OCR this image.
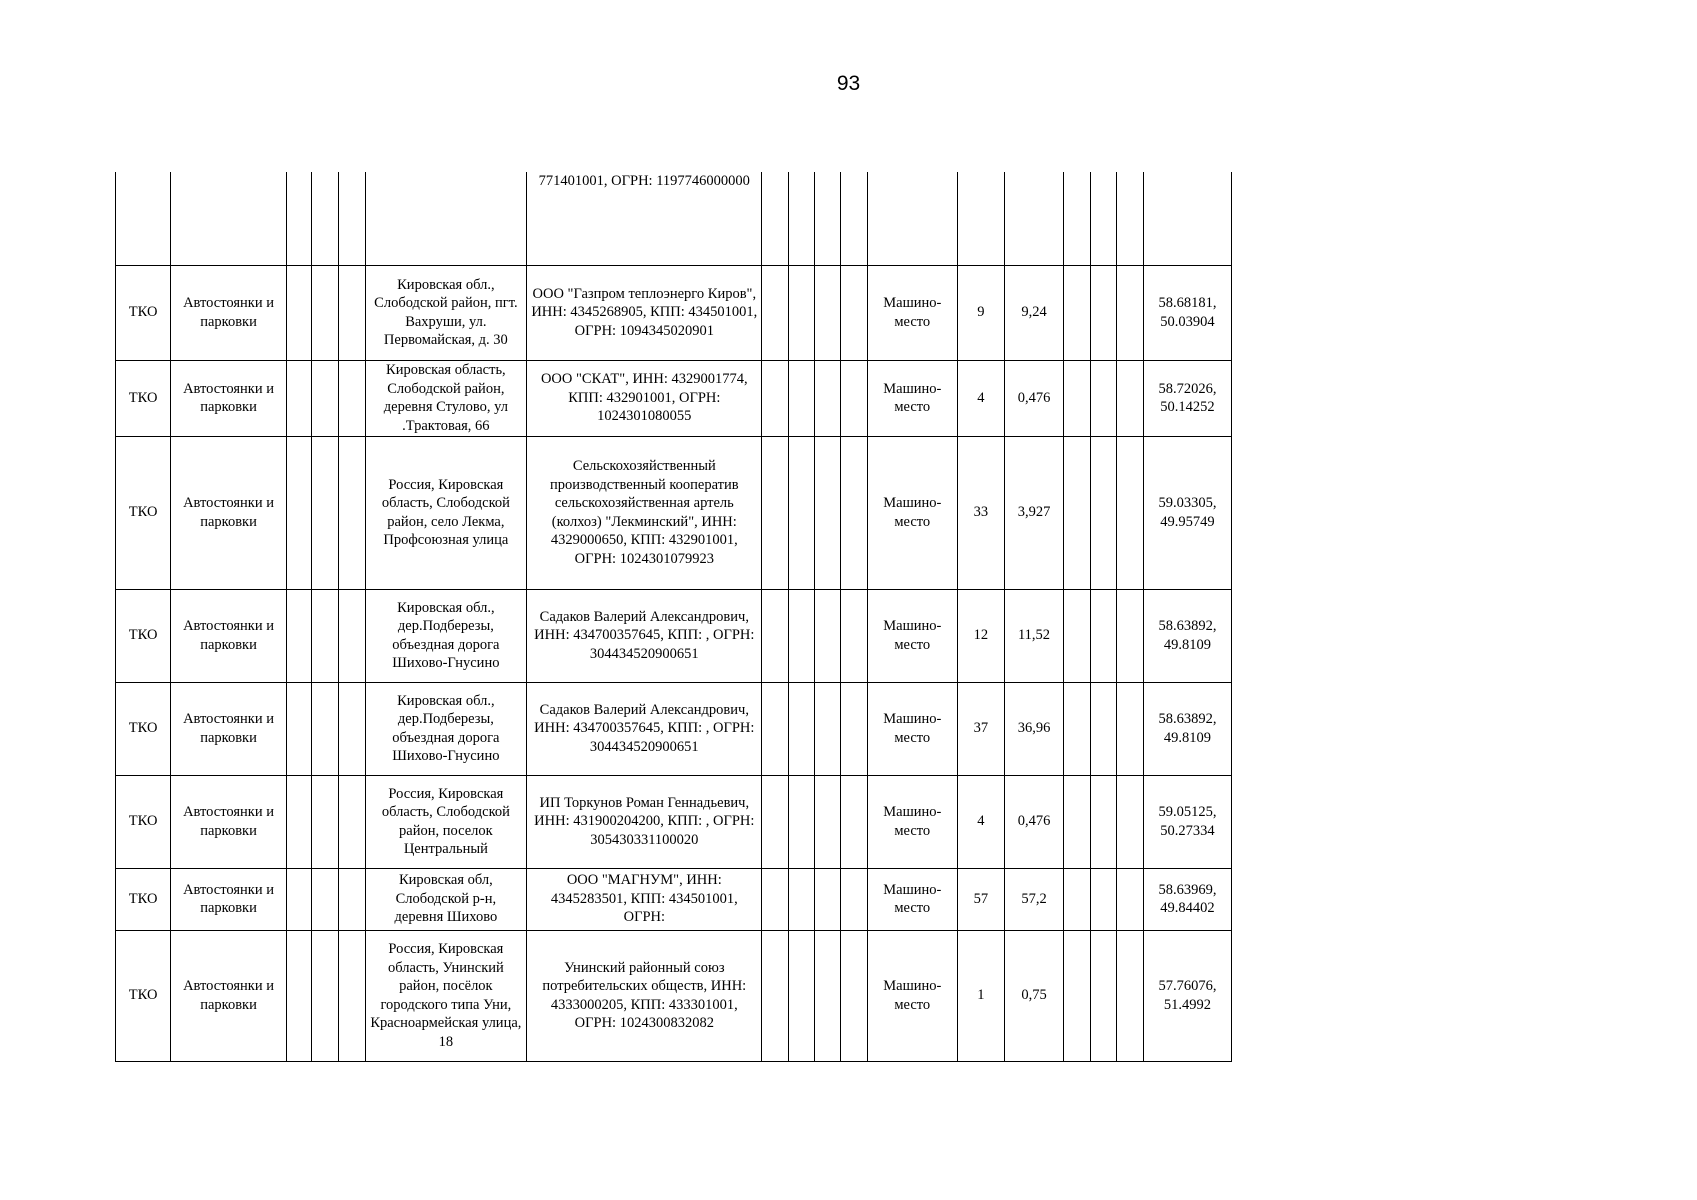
93
						771401001, ОГРН: 1197746000000											
ТКО	Автостоянки и парковки				Кировская обл., Слободской район, пгт. Вахруши, ул. Первомайская, д. 30	ООО "Газпром теплоэнерго Киров", ИНН: 4345268905, КПП: 434501001, ОГРН: 1094345020901					Машино-место	9	9,24				58.68181, 50.03904
ТКО	Автостоянки и парковки				Кировская область, Слободской район, деревня Стулово, ул .Трактовая, 66	ООО "СКАТ", ИНН: 4329001774, КПП: 432901001, ОГРН: 1024301080055					Машино-место	4	0,476				58.72026, 50.14252
ТКО	Автостоянки и парковки				Россия, Кировская область, Слободской район, село Лекма, Профсоюзная улица	Сельскохозяйственный производственный кооператив сельскохозяйственная артель (колхоз) "Лекминский", ИНН: 4329000650, КПП: 432901001, ОГРН: 1024301079923					Машино-место	33	3,927				59.03305, 49.95749
ТКО	Автостоянки и парковки				Кировская обл., дер.Подберезы, объездная дорога Шихово-Гнусино	Садаков Валерий Александрович, ИНН: 434700357645, КПП: , ОГРН: 304434520900651					Машино-место	12	11,52				58.63892, 49.8109
ТКО	Автостоянки и парковки				Кировская обл., дер.Подберезы, объездная дорога Шихово-Гнусино	Садаков Валерий Александрович, ИНН: 434700357645, КПП: , ОГРН: 304434520900651					Машино-место	37	36,96				58.63892, 49.8109
ТКО	Автостоянки и парковки				Россия, Кировская область, Слободской район, поселок Центральный	ИП Торкунов Роман Геннадьевич, ИНН: 431900204200, КПП: , ОГРН: 305430331100020					Машино-место	4	0,476				59.05125, 50.27334
ТКО	Автостоянки и парковки				Кировская обл, Слободской р-н, деревня Шихово	ООО "МАГНУМ", ИНН: 4345283501, КПП: 434501001, ОГРН:					Машино-место	57	57,2				58.63969, 49.84402
ТКО	Автостоянки и парковки				Россия, Кировская область, Унинский район, посёлок городского типа Уни, Красноармейская улица, 18	Унинский районный союз потребительских обществ, ИНН: 4333000205, КПП: 433301001, ОГРН: 1024300832082					Машино-место	1	0,75				57.76076, 51.4992
